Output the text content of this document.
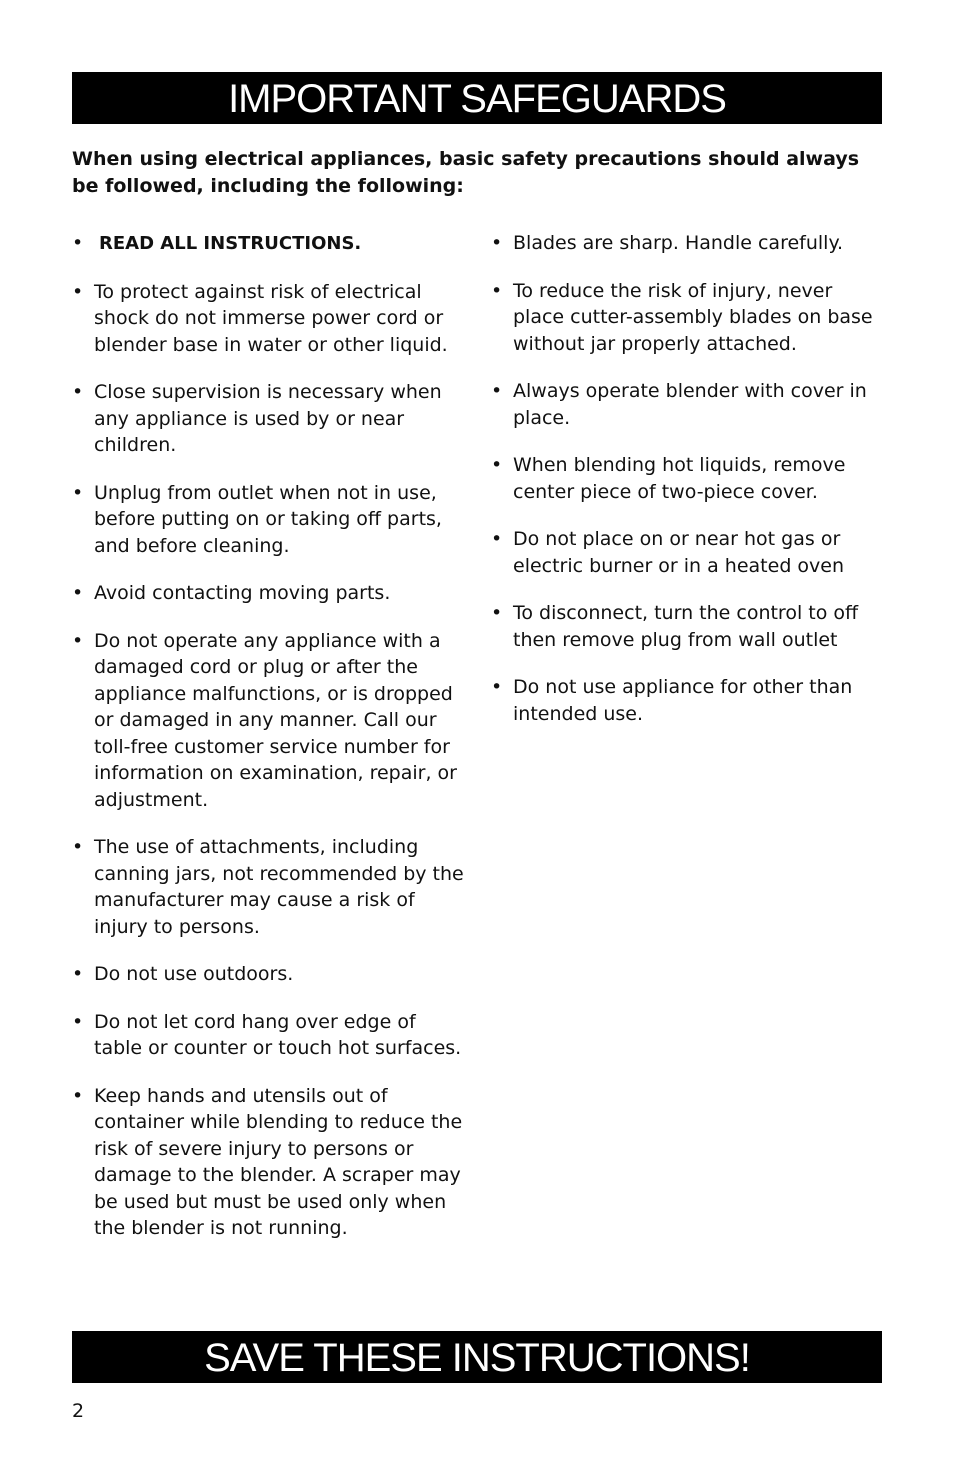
IMPORTANT SAFEGUARDS

When using electrical appliances, basic safety precautions should always be followed, including the following:

• READ ALL INSTRUCTIONS.
• To protect against risk of electrical shock do not immerse power cord or blender base in water or other liquid.
• Close supervision is necessary when any appliance is used by or near children.
• Unplug from outlet when not in use, before putting on or taking off parts, and before cleaning.
• Avoid contacting moving parts.
• Do not operate any appliance with a damaged cord or plug or after the appliance malfunctions, or is dropped or damaged in any manner. Call our toll-free customer service number for information on examination, repair, or adjustment.
• The use of attachments, including canning jars, not recommended by the manufacturer may cause a risk of injury to persons.
• Do not use outdoors.
• Do not let cord hang over edge of table or counter or touch hot surfaces.
• Keep hands and utensils out of container while blending to reduce the risk of severe injury to persons or damage to the blender. A scraper may be used but must be used only when the blender is not running.
• Blades are sharp. Handle carefully.
• To reduce the risk of injury, never place cutter-assembly blades on base without jar properly attached.
• Always operate blender with cover in place.
• When blending hot liquids, remove center piece of two-piece cover.
• Do not place on or near hot gas or electric burner or in a heated oven
• To disconnect, turn the control to off then remove plug from wall outlet
• Do not use appliance for other than intended use.
SAVE THESE INSTRUCTIONS!
2
